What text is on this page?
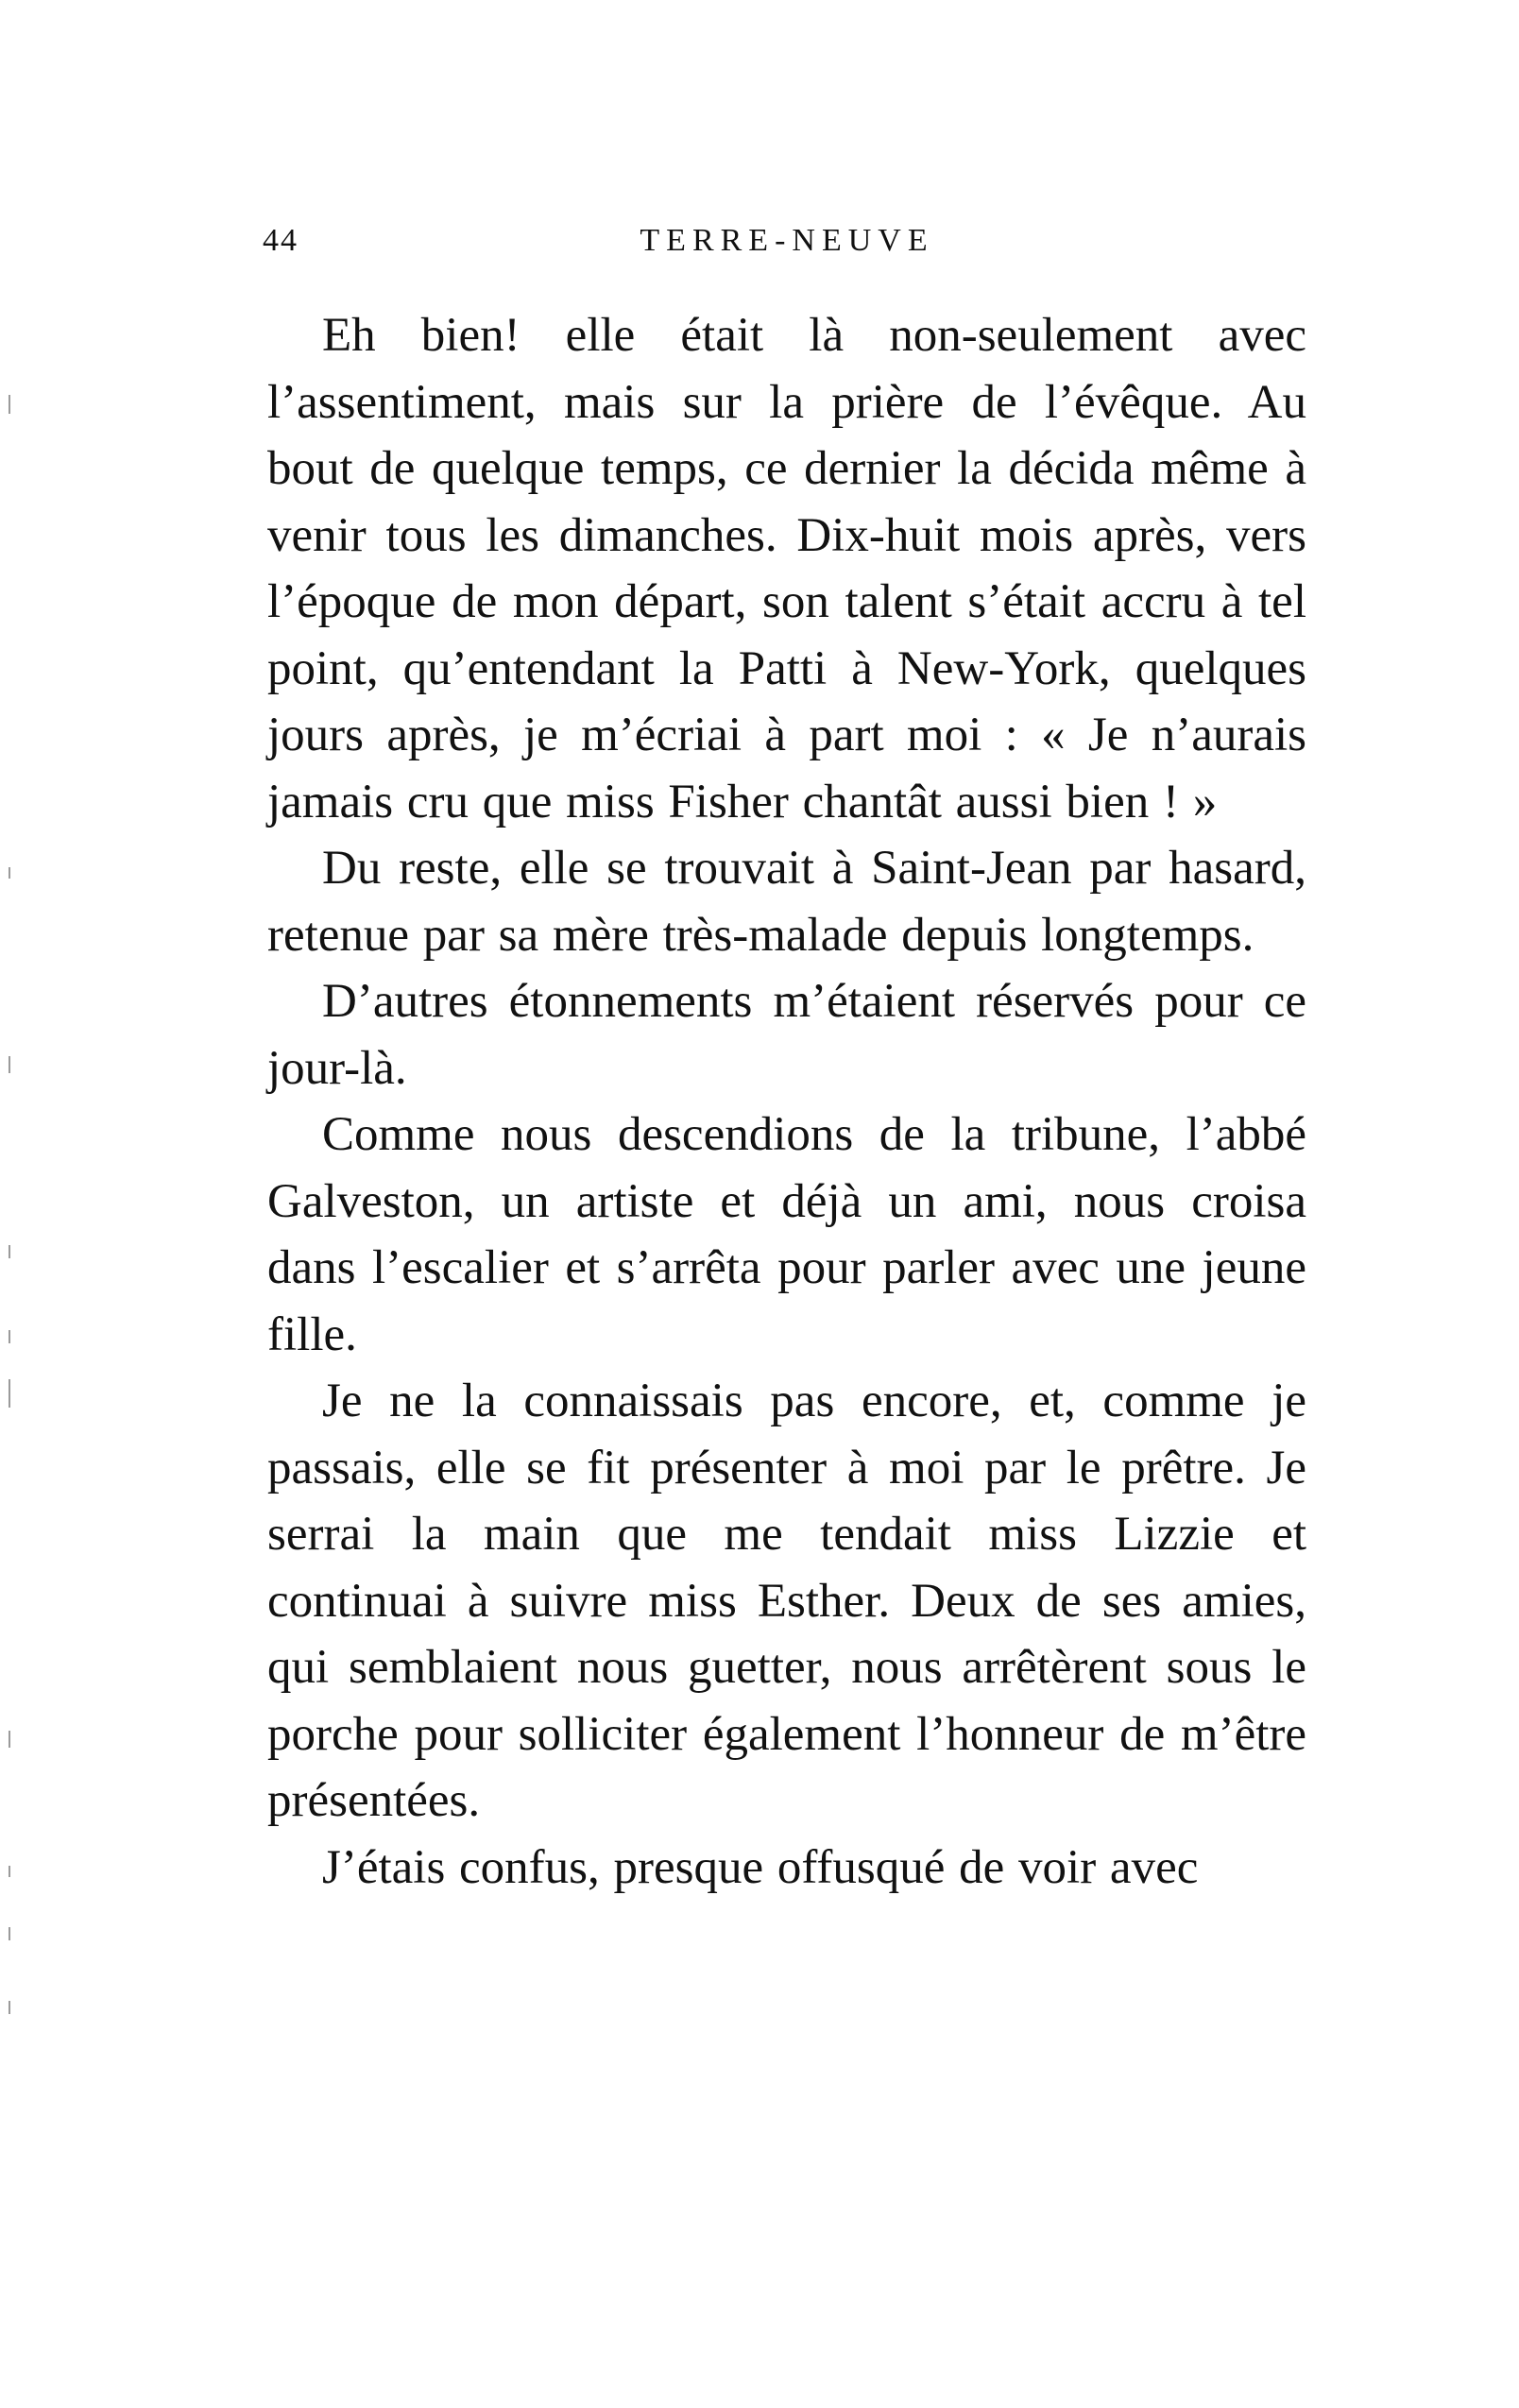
44	TERRE-NEUVE

Eh bien! elle était là non-seulement avec l’assentiment, mais sur la prière de l’évêque. Au bout de quelque temps, ce dernier la décida même à venir tous les dimanches. Dix-huit mois après, vers l’époque de mon départ, son talent s’était accru à tel point, qu’entendant la Patti à New-York, quelques jours après, je m’écriai à part moi : « Je n’aurais jamais cru que miss Fisher chantât aussi bien ! »

Du reste, elle se trouvait à Saint-Jean par hasard, retenue par sa mère très-malade depuis longtemps.

D’autres étonnements m’étaient réservés pour ce jour-là.

Comme nous descendions de la tribune, l’abbé Galveston, un artiste et déjà un ami, nous croisa dans l’escalier et s’arrêta pour parler avec une jeune fille.

Je ne la connaissais pas encore, et, comme je passais, elle se fit présenter à moi par le prêtre. Je serrai la main que me tendait miss Lizzie et continuai à suivre miss Esther. Deux de ses amies, qui semblaient nous guetter, nous arrêtèrent sous le porche pour solliciter également l’honneur de m’être présentées.

J’étais confus, presque offusqué de voir avec
